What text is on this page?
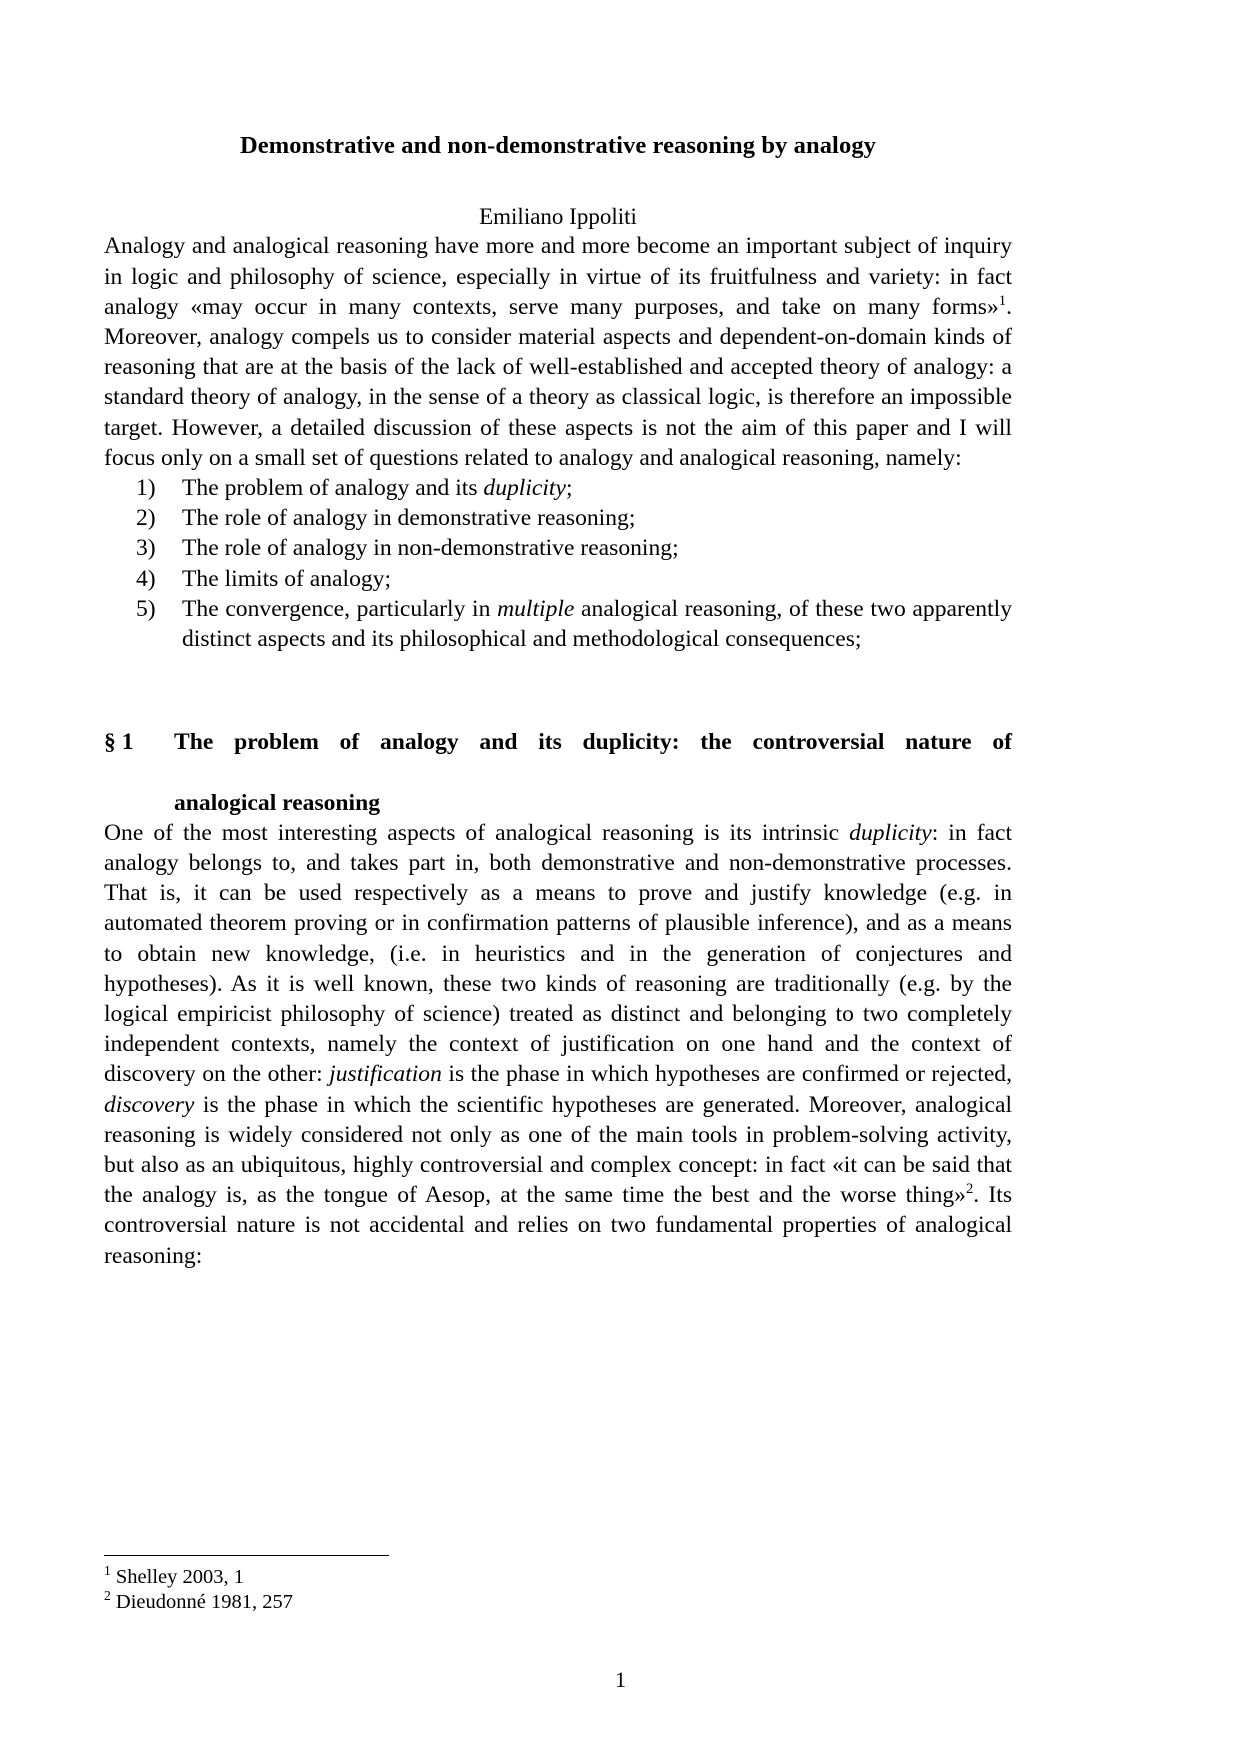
Demonstrative and non-demonstrative reasoning by analogy
Emiliano Ippoliti

Analogy and analogical reasoning have more and more become an important subject of inquiry in logic and philosophy of science, especially in virtue of its fruitfulness and variety: in fact analogy «may occur in many contexts, serve many purposes, and take on many forms»$^1$. Moreover, analogy compels us to consider material aspects and dependent-on-domain kinds of reasoning that are at the basis of the lack of well-established and accepted theory of analogy: a standard theory of analogy, in the sense of a theory as classical logic, is therefore an impossible target. However, a detailed discussion of these aspects is not the aim of this paper and I will focus only on a small set of questions related to analogy and analogical reasoning, namely:

1)	The problem of analogy and its duplicity;
2)	The role of analogy in demonstrative reasoning;
3)	The role of analogy in non-demonstrative reasoning;
4)	The limits of analogy;
5)	The convergence, particularly in multiple analogical reasoning, of these two apparently distinct aspects and its philosophical and methodological consequences;
§ 1	The problem of analogy and its duplicity: the controversial nature of
analogical reasoning

One of the most interesting aspects of analogical reasoning is its intrinsic duplicity: in fact analogy belongs to, and takes part in, both demonstrative and non-demonstrative processes. That is, it can be used respectively as a means to prove and justify knowledge (e.g. in automated theorem proving or in confirmation patterns of plausible inference), and as a means to obtain new knowledge, (i.e. in heuristics and in the generation of conjectures and hypotheses). As it is well known, these two kinds of reasoning are traditionally (e.g. by the logical empiricist philosophy of science) treated as distinct and belonging to two completely independent contexts, namely the context of justification on one hand and the context of discovery on the other: justification is the phase in which hypotheses are confirmed or rejected, discovery is the phase in which the scientific hypotheses are generated. Moreover, analogical reasoning is widely considered not only as one of the main tools in problem-solving activity, but also as an ubiquitous, highly controversial and complex concept: in fact «it can be said that the analogy is, as the tongue of Aesop, at the same time the best and the worse thing»$^2$. Its controversial nature is not accidental and relies on two fundamental properties of analogical reasoning:

$^1$ Shelley 2003, 1

$^2$ Dieudonné 1981, 257

1
